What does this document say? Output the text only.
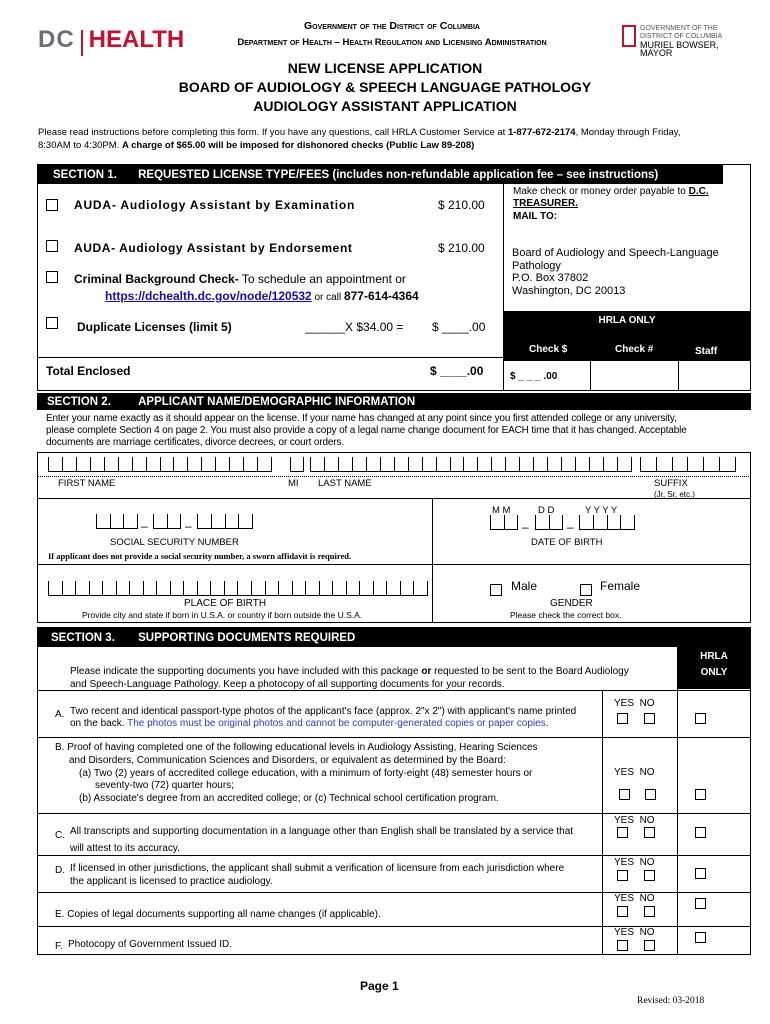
DC HEALTH	Government of the District of Columbia
Department of Health – Health Regulation and Licensing Administration
GOVERNMENT OF THE
DISTRICT OF COLUMBIA
MURIEL BOWSER, MAYOR
NEW LICENSE APPLICATION
BOARD OF AUDIOLOGY & SPEECH LANGUAGE PATHOLOGY
AUDIOLOGY ASSISTANT APPLICATION
Please read instructions before completing this form. If you have any questions, call HRLA Customer Service at 1-877-672-2174, Monday through Friday,
8:30AM to 4:30PM. A charge of $65.00 will be imposed for dishonored checks (Public Law 89-208)
SECTION 1. REQUESTED LICENSE TYPE/FEES (includes non-refundable application fee – see instructions)
AUDA- Audiology Assistant by Examination	$ 210.00
AUDA- Audiology Assistant by Endorsement	$ 210.00
Criminal Background Check- To schedule an appointment or
https://dchealth.dc.gov/node/120532 or call 877-614-4364
Duplicate Licenses (limit 5)	______X $34.00 = $ ____.00
Total Enclosed	$ ____.00
Make check or money order payable to D.C. TREASURER.
MAIL TO:
Board of Audiology and Speech-Language
Pathology
P.O. Box 37802
Washington, DC 20013
HRLA ONLY
Check $	Check #	Staff
$ _ _ _ .00
SECTION 2. APPLICANT NAME/DEMOGRAPHIC INFORMATION
Enter your name exactly as it should appear on the license. If your name has changed at any point since you first attended college or any university,
please complete Section 4 on page 2. You must also provide a copy of a legal name change document for EACH time that it has changed. Acceptable
documents are marriage certificates, divorce decrees, or court orders.
FIRST NAME	MI LAST NAME	SUFFIX
(Jr, Sr, etc.)
–	–
SOCIAL SECURITY NUMBER
If applicant does not provide a social security number, a sworn affidavit is required.
M M	D D	Y Y Y Y
–	–
DATE OF BIRTH
PLACE OF BIRTH
Provide city and state if born in U.S.A. or country if born outside the U.S.A.
Male	Female
GENDER
Please check the correct box.
SECTION 3. SUPPORTING DOCUMENTS REQUIRED
HRLA
ONLY
Please indicate the supporting documents you have included with this package or requested to be sent to the Board Audiology
and Speech-Language Pathology. Keep a photocopy of all supporting documents for your records.
A. Two recent and identical passport-type photos of the applicant's face (approx. 2"x 2") with applicant's name printed
on the back. The photos must be original photos and cannot be computer-generated copies or paper copies.
YES NO
B. Proof of having completed one of the following educational levels in Audiology Assisting, Hearing Sciences
and Disorders, Communication Sciences and Disorders, or equivalent as determined by the Board:
(a) Two (2) years of accredited college education, with a minimum of forty-eight (48) semester hours or
seventy-two (72) quarter hours;
(b) Associate's degree from an accredited college; or (c) Technical school certification program.
YES NO
C. All transcripts and supporting documentation in a language other than English shall be translated by a service that
will attest to its accuracy.
YES NO
D. If licensed in other jurisdictions, the applicant shall submit a verification of licensure from each jurisdiction where
the applicant is licensed to practice audiology.
YES NO
E. Copies of legal documents supporting all name changes (if applicable).
YES NO
F. Photocopy of Government Issued ID.
YES NO
Page 1
Revised: 03-2018
